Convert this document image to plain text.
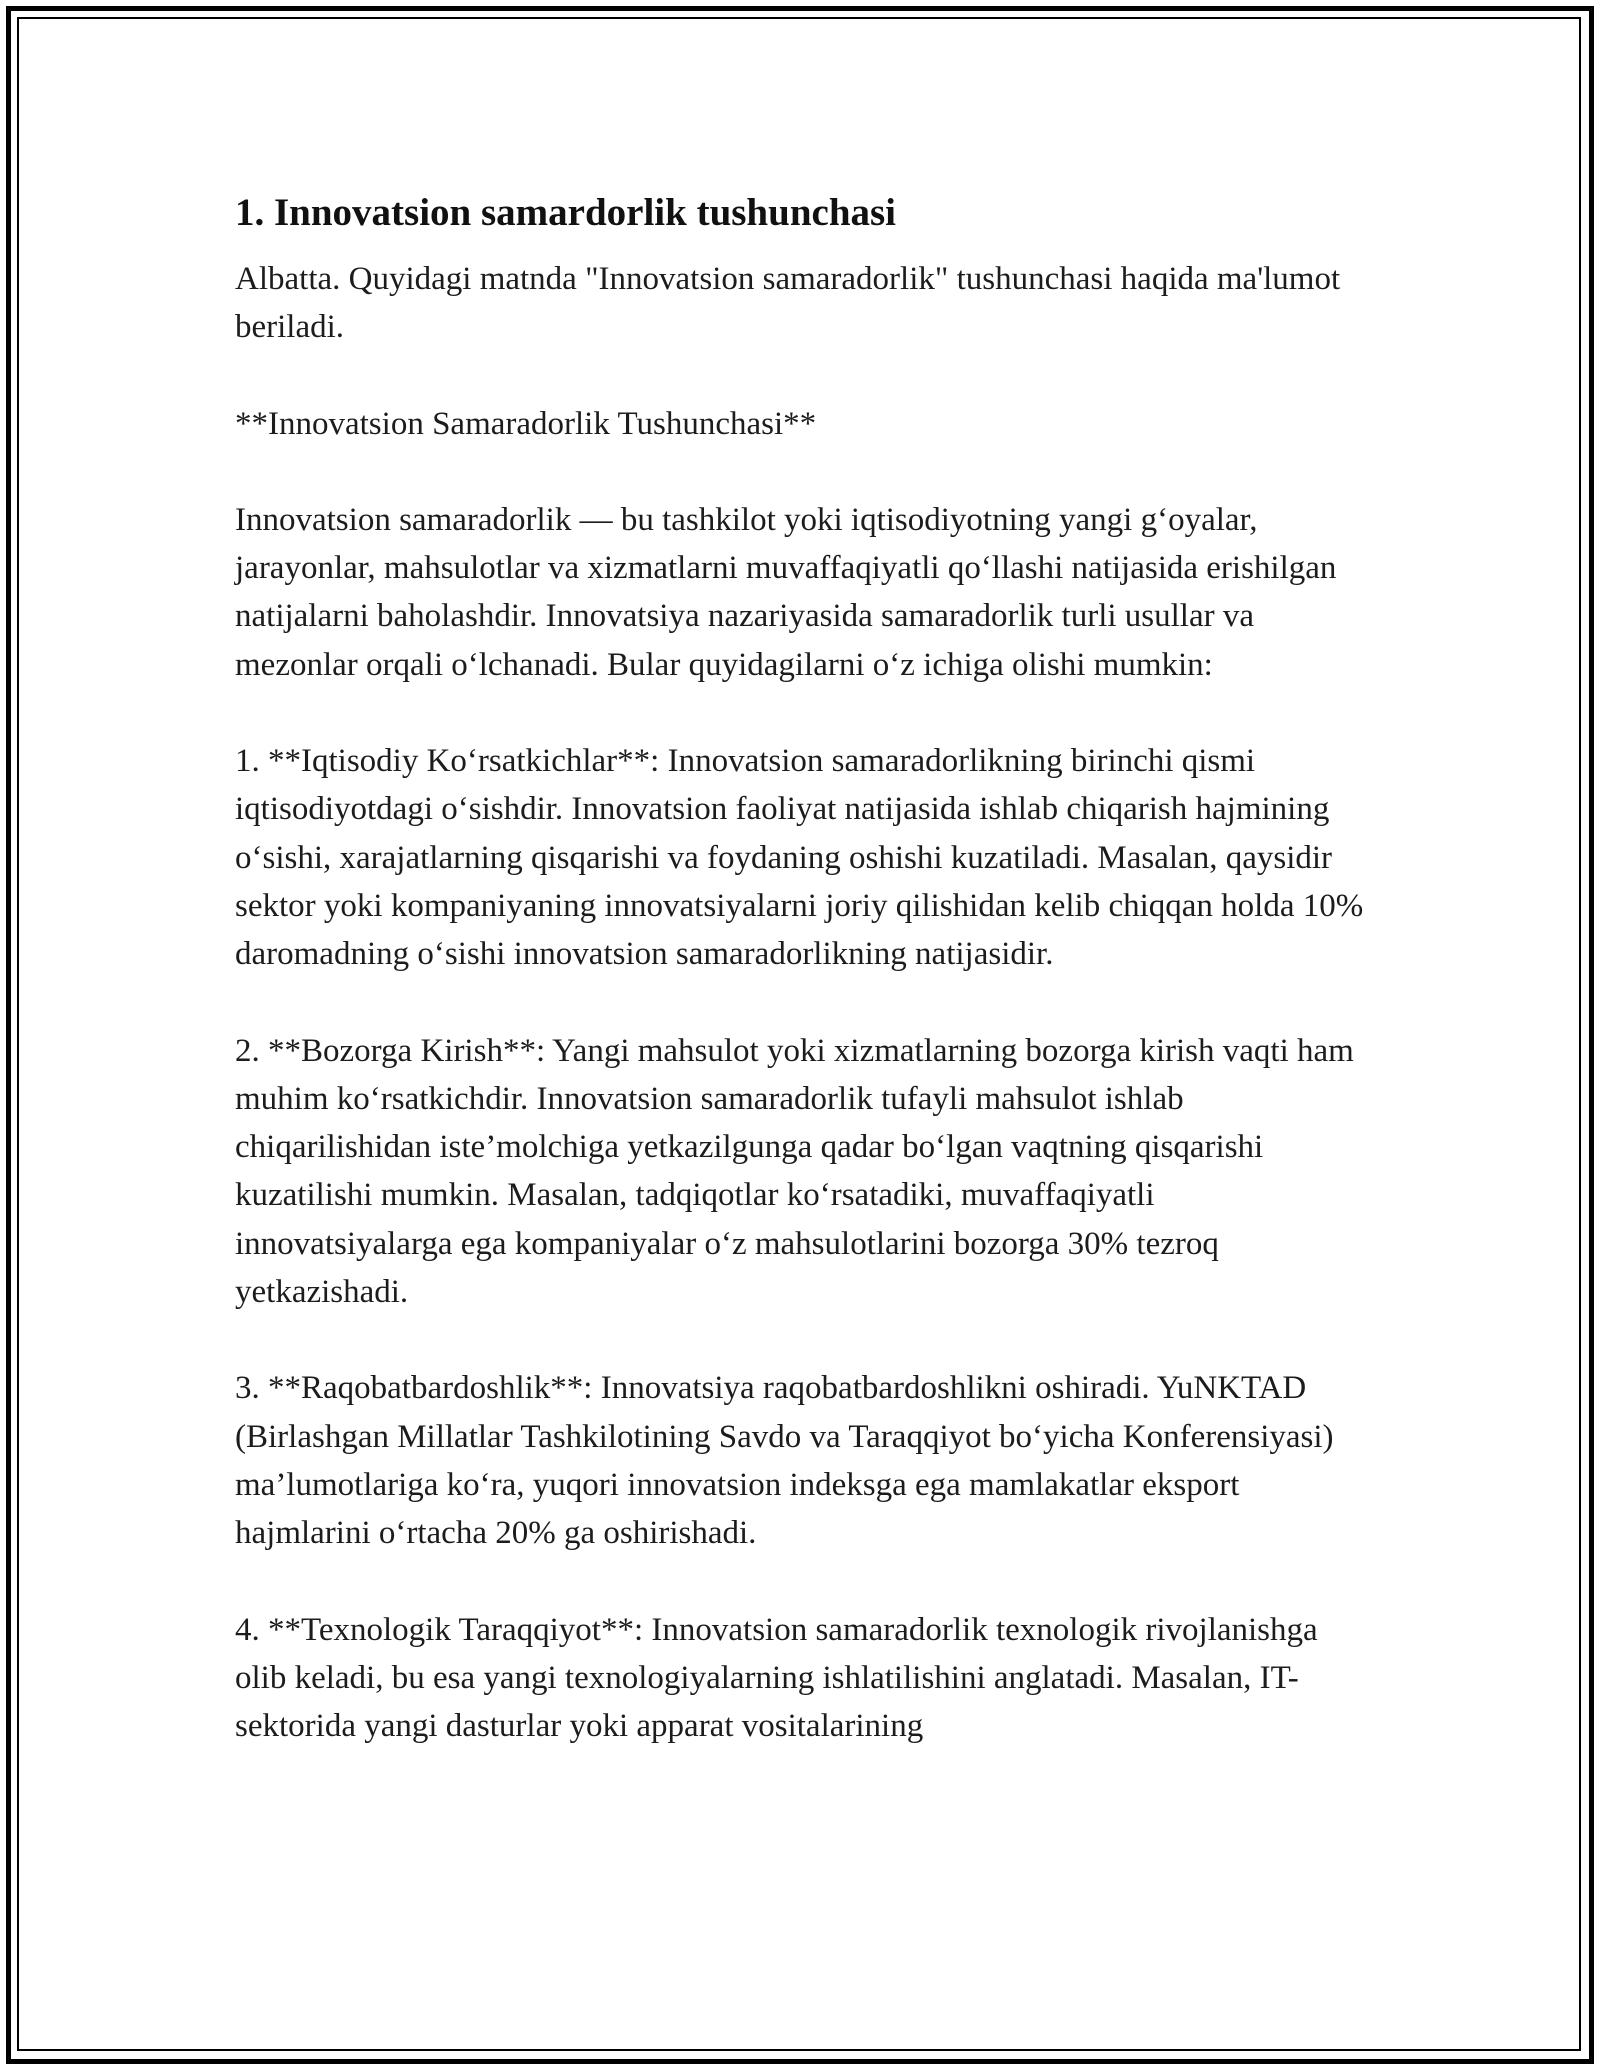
1. Innovatsion samardorlik tushunchasi

Albatta. Quyidagi matnda "Innovatsion samaradorlik" tushunchasi haqida ma'lumot beriladi.

**Innovatsion Samaradorlik Tushunchasi**

Innovatsion samaradorlik — bu tashkilot yoki iqtisodiyotning yangi g‘oyalar, jarayonlar, mahsulotlar va xizmatlarni muvaffaqiyatli qo‘llashi natijasida erishilgan natijalarni baholashdir. Innovatsiya nazariyasida samaradorlik turli usullar va mezonlar orqali o‘lchanadi. Bular quyidagilarni o‘z ichiga olishi mumkin:

1. **Iqtisodiy Ko‘rsatkichlar**: Innovatsion samaradorlikning birinchi qismi iqtisodiyotdagi o‘sishdir. Innovatsion faoliyat natijasida ishlab chiqarish hajmining o‘sishi, xarajatlarning qisqarishi va foydaning oshishi kuzatiladi. Masalan, qaysidir sektor yoki kompaniyaning innovatsiyalarni joriy qilishidan kelib chiqqan holda 10% daromadning o‘sishi innovatsion samaradorlikning natijasidir.

2. **Bozorga Kirish**: Yangi mahsulot yoki xizmatlarning bozorga kirish vaqti ham muhim ko‘rsatkichdir. Innovatsion samaradorlik tufayli mahsulot ishlab chiqarilishidan iste’molchiga yetkazilgunga qadar bo‘lgan vaqtning qisqarishi kuzatilishi mumkin. Masalan, tadqiqotlar ko‘rsatadiki, muvaffaqiyatli innovatsiyalarga ega kompaniyalar o‘z mahsulotlarini bozorga 30% tezroq yetkazishadi.

3. **Raqobatbardoshlik**: Innovatsiya raqobatbardoshlikni oshiradi. YuNKTAD (Birlashgan Millatlar Tashkilotining Savdo va Taraqqiyot bo‘yicha Konferensiyasi) ma’lumotlariga ko‘ra, yuqori innovatsion indeksga ega mamlakatlar eksport hajmlarini o‘rtacha 20% ga oshirishadi.

4. **Texnologik Taraqqiyot**: Innovatsion samaradorlik texnologik rivojlanishga olib keladi, bu esa yangi texnologiyalarning ishlatilishini anglatadi. Masalan, IT-sektorida yangi dasturlar yoki apparat vositalarining
